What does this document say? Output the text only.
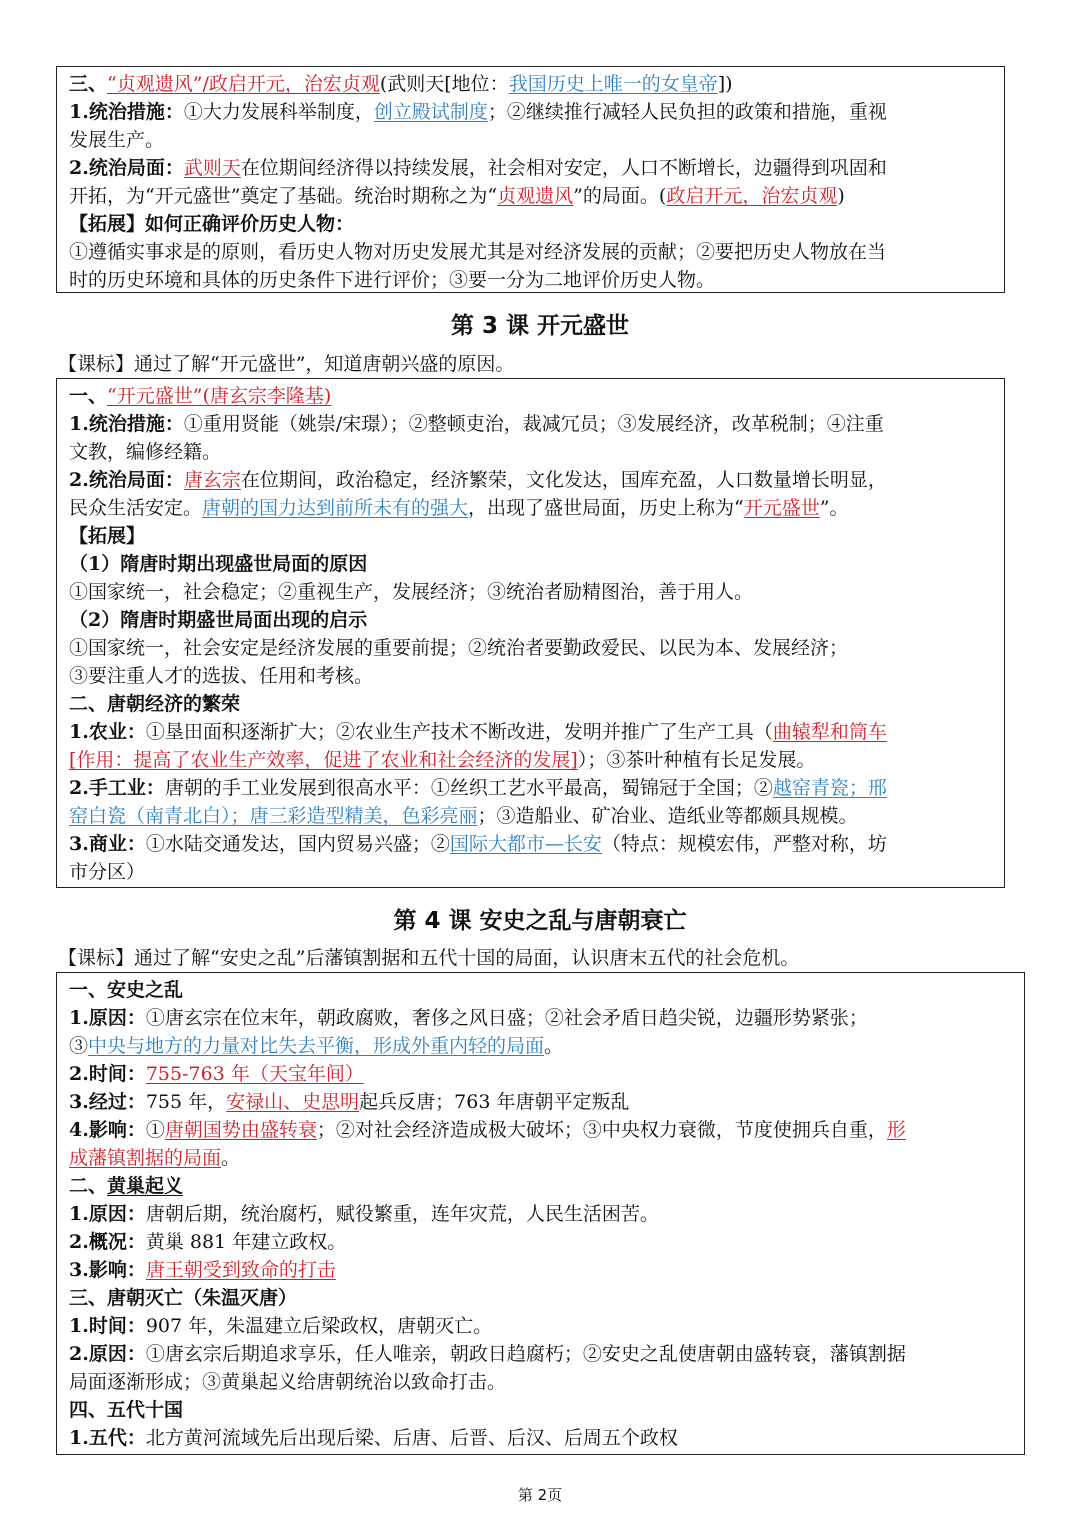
三、“贞观遗风”/政启开元，治宏贞观(武则天[地位：我国历史上唯一的女皇帝])
1.统治措施：①大力发展科举制度，创立殿试制度；②继续推行减轻人民负担的政策和措施，重视
发展生产。
2.统治局面：武则天在位期间经济得以持续发展，社会相对安定，人口不断增长，边疆得到巩固和
开拓，为“开元盛世”奠定了基础。统治时期称之为“贞观遗风”的局面。(政启开元，治宏贞观)
【拓展】如何正确评价历史人物：
①遵循实事求是的原则，看历史人物对历史发展尤其是对经济发展的贡献；②要把历史人物放在当
时的历史环境和具体的历史条件下进行评价；③要一分为二地评价历史人物。
第 3 课 开元盛世
【课标】通过了解“开元盛世”，知道唐朝兴盛的原因。
一、“开元盛世”(唐玄宗李隆基)
1.统治措施：①重用贤能（姚崇/宋璟）；②整顿吏治，裁减冗员；③发展经济，改革税制；④注重
文教，编修经籍。
2.统治局面：唐玄宗在位期间，政治稳定，经济繁荣，文化发达，国库充盈，人口数量增长明显，
民众生活安定。唐朝的国力达到前所未有的强大，出现了盛世局面，历史上称为“开元盛世”。
【拓展】
（1）隋唐时期出现盛世局面的原因
①国家统一，社会稳定；②重视生产，发展经济；③统治者励精图治，善于用人。
（2）隋唐时期盛世局面出现的启示
①国家统一，社会安定是经济发展的重要前提；②统治者要勤政爱民、以民为本、发展经济；
③要注重人才的选拔、任用和考核。
二、唐朝经济的繁荣
1.农业：①垦田面积逐渐扩大；②农业生产技术不断改进，发明并推广了生产工具（曲辕犁和筒车
[作用：提高了农业生产效率，促进了农业和社会经济的发展]）；③茶叶种植有长足发展。
2.手工业：唐朝的手工业发展到很高水平：①丝织工艺水平最高，蜀锦冠于全国；②越窑青瓷；邢
窑白瓷（南青北白）；唐三彩造型精美，色彩亮丽；③造船业、矿冶业、造纸业等都颇具规模。
3.商业：①水陆交通发达，国内贸易兴盛；②国际大都市—长安（特点：规模宏伟，严整对称，坊
市分区）
第 4 课 安史之乱与唐朝衰亡
【课标】通过了解“安史之乱”后藩镇割据和五代十国的局面，认识唐末五代的社会危机。
一、安史之乱
1.原因：①唐玄宗在位末年，朝政腐败，奢侈之风日盛；②社会矛盾日趋尖锐，边疆形势紧张；
③中央与地方的力量对比失去平衡，形成外重内轻的局面。
2.时间：755-763 年（天宝年间）
3.经过：755 年，安禄山、史思明起兵反唐；763 年唐朝平定叛乱
4.影响：①唐朝国势由盛转衰；②对社会经济造成极大破坏；③中央权力衰微，节度使拥兵自重，形
成藩镇割据的局面。
二、黄巢起义
1.原因：唐朝后期，统治腐朽，赋役繁重，连年灾荒，人民生活困苦。
2.概况：黄巢 881 年建立政权。
3.影响：唐王朝受到致命的打击
三、唐朝灭亡（朱温灭唐）
1.时间：907 年，朱温建立后梁政权，唐朝灭亡。
2.原因：①唐玄宗后期追求享乐，任人唯亲，朝政日趋腐朽；②安史之乱使唐朝由盛转衰，藩镇割据
局面逐渐形成；③黄巢起义给唐朝统治以致命打击。
四、五代十国
1.五代：北方黄河流域先后出现后梁、后唐、后晋、后汉、后周五个政权
第 2页
